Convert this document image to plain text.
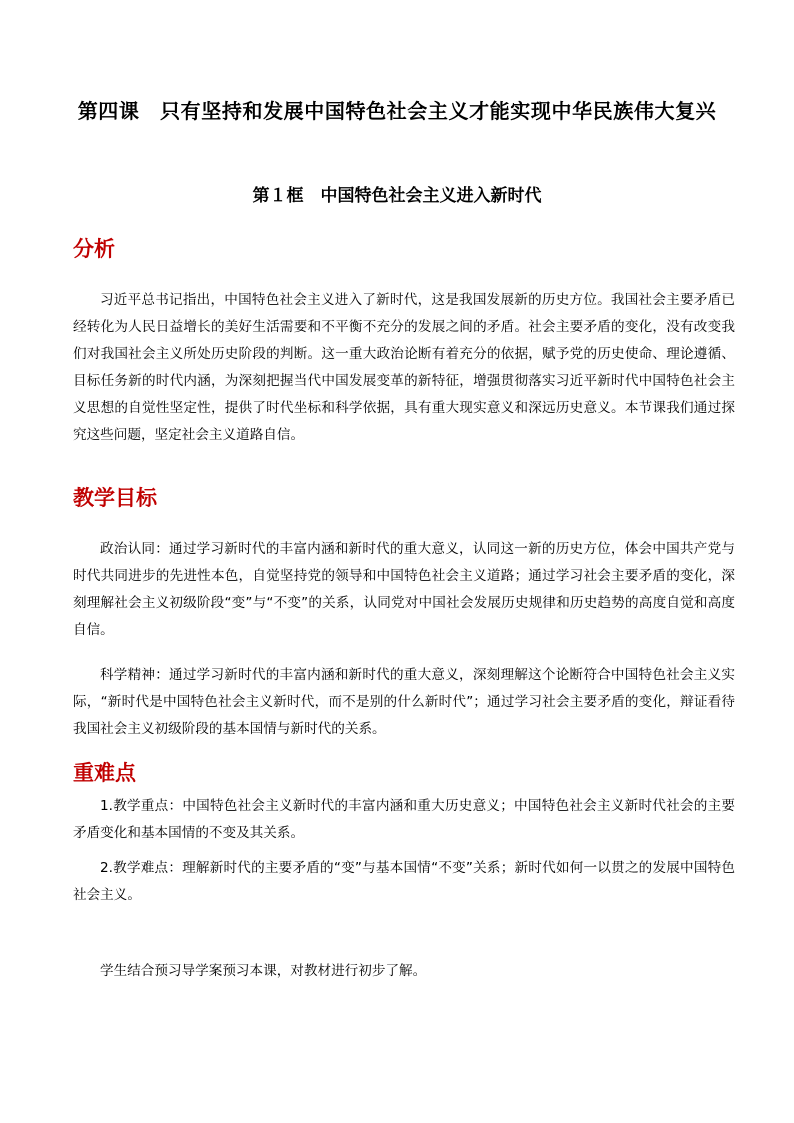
第四课　只有坚持和发展中国特色社会主义才能实现中华民族伟大复兴
第１框　中国特色社会主义进入新时代
分析

习近平总书记指出，中国特色社会主义进入了新时代，这是我国发展新的历史方位。我国社会主要矛盾已经转化为人民日益增长的美好生活需要和不平衡不充分的发展之间的矛盾。社会主要矛盾的变化，没有改变我们对我国社会主义所处历史阶段的判断。这一重大政治论断有着充分的依据，赋予党的历史使命、理论遵循、目标任务新的时代内涵，为深刻把握当代中国发展变革的新特征，增强贯彻落实习近平新时代中国特色社会主义思想的自觉性坚定性，提供了时代坐标和科学依据，具有重大现实意义和深远历史意义。本节课我们通过探究这些问题，坚定社会主义道路自信。

教学目标

政治认同：通过学习新时代的丰富内涵和新时代的重大意义，认同这一新的历史方位，体会中国共产党与时代共同进步的先进性本色，自觉坚持党的领导和中国特色社会主义道路；通过学习社会主要矛盾的变化，深刻理解社会主义初级阶段“变”与“不变”的关系，认同党对中国社会发展历史规律和历史趋势的高度自觉和高度自信。

科学精神：通过学习新时代的丰富内涵和新时代的重大意义，深刻理解这个论断符合中国特色社会主义实际，“新时代是中国特色社会主义新时代，而不是别的什么新时代”；通过学习社会主要矛盾的变化，辩证看待我国社会主义初级阶段的基本国情与新时代的关系。

重难点

1.教学重点：中国特色社会主义新时代的丰富内涵和重大历史意义；中国特色社会主义新时代社会的主要矛盾变化和基本国情的不变及其关系。

2.教学难点：理解新时代的主要矛盾的“变”与基本国情“不变”关系；新时代如何一以贯之的发展中国特色社会主义。

学生结合预习导学案预习本课，对教材进行初步了解。
